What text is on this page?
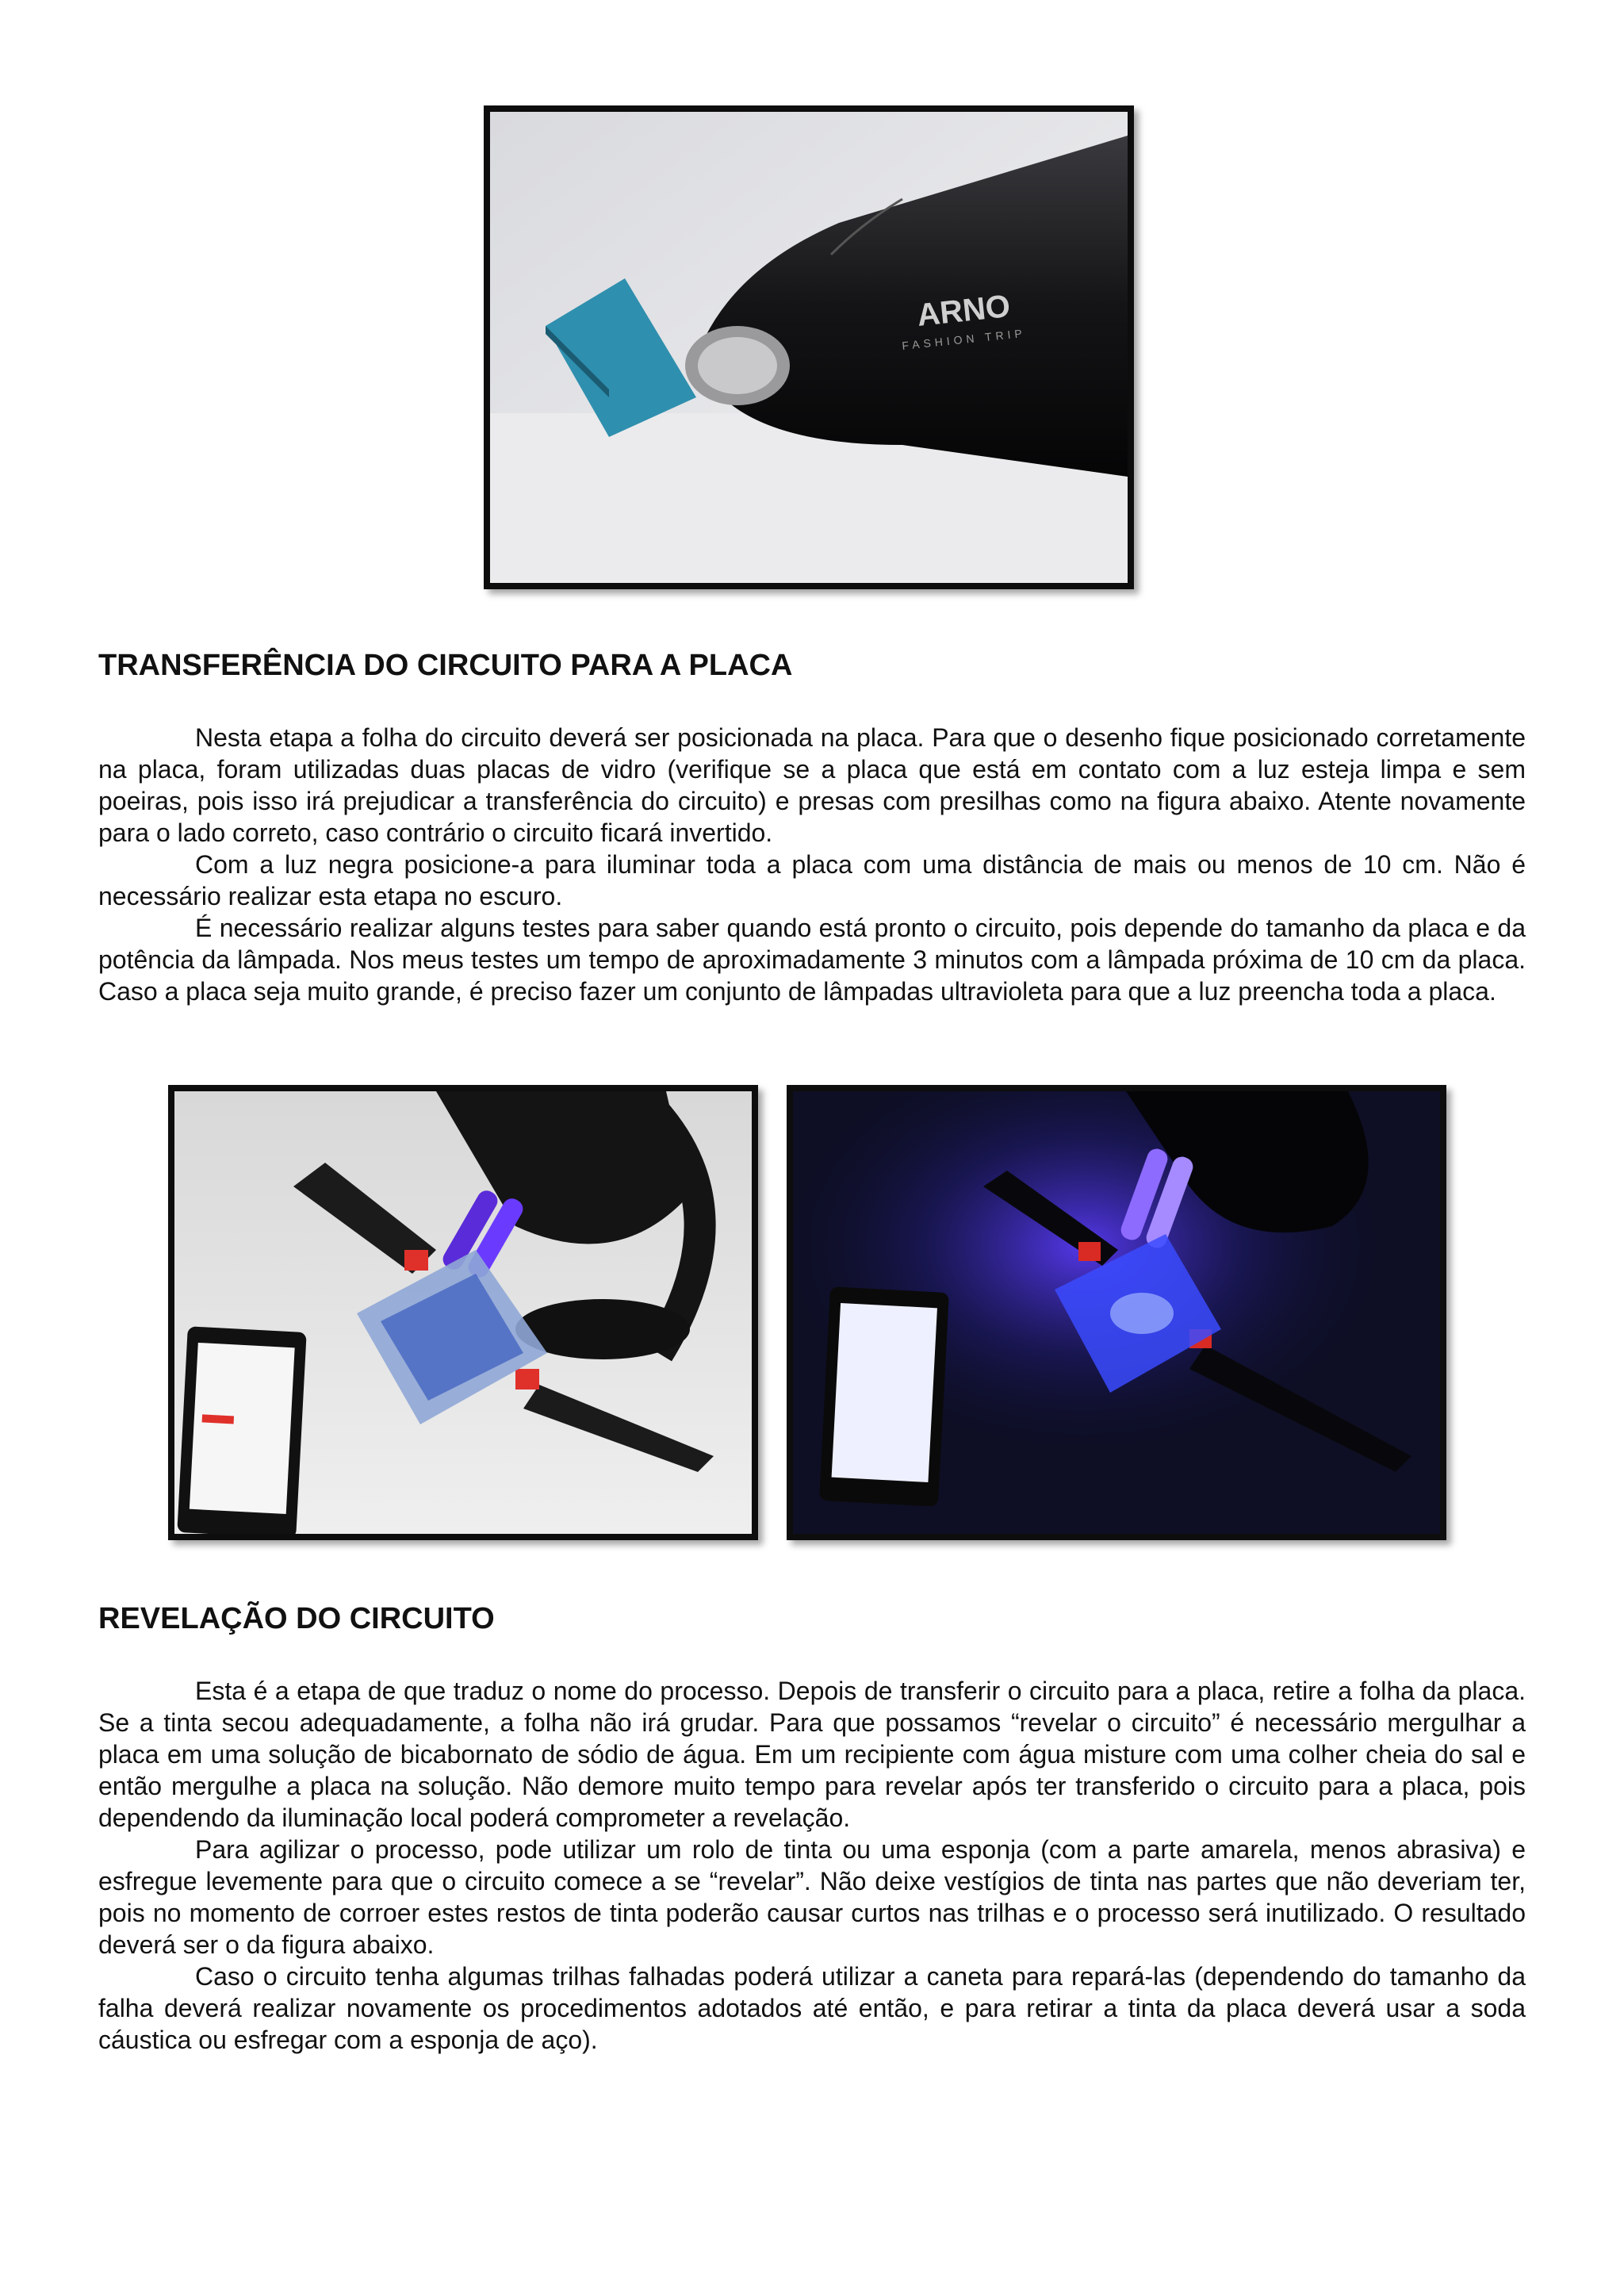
ARNO
FASHION TRIP
TRANSFERÊNCIA DO CIRCUITO PARA A PLACA

Nesta etapa a folha do circuito deverá ser posicionada na placa. Para que o desenho fique posicionado corretamente na placa, foram utilizadas duas placas de vidro (verifique se a placa que está em contato com a luz esteja limpa e sem poeiras, pois isso irá prejudicar a transferência do circuito) e presas com presilhas como na figura abaixo. Atente novamente para o lado correto, caso contrário o circuito ficará invertido.

Com a luz negra posicione-a para iluminar toda a placa com uma distância de mais ou menos de 10 cm. Não é necessário realizar esta etapa no escuro.

É necessário realizar alguns testes para saber quando está pronto o circuito, pois depende do tamanho da placa e da potência da lâmpada. Nos meus testes um tempo de aproximadamente 3 minutos com a lâmpada próxima de 10 cm da placa. Caso a placa seja muito grande, é preciso fazer um conjunto de lâmpadas ultravioleta para que a luz preencha toda a placa.

REVELAÇÃO DO CIRCUITO

Esta é a etapa de que traduz o nome do processo. Depois de transferir o circuito para a placa, retire a folha da placa. Se a tinta secou adequadamente, a folha não irá grudar. Para que possamos “revelar o circuito” é necessário mergulhar a placa em uma solução de bicabornato de sódio de água. Em um recipiente com água misture com uma colher cheia do sal e então mergulhe a placa na solução. Não demore muito tempo para revelar após ter transferido o circuito para a placa, pois dependendo da iluminação local poderá comprometer a revelação.

Para agilizar o processo, pode utilizar um rolo de tinta ou uma esponja (com a parte amarela, menos abrasiva) e esfregue levemente para que o circuito comece a se “revelar”. Não deixe vestígios de tinta nas partes que não deveriam ter, pois no momento de corroer estes restos de tinta poderão causar curtos nas trilhas e o processo será inutilizado. O resultado deverá ser o da figura abaixo.

Caso o circuito tenha algumas trilhas falhadas poderá utilizar a caneta para repará-las (dependendo do tamanho da falha deverá realizar novamente os procedimentos adotados até então, e para retirar a tinta da placa deverá usar a soda cáustica ou esfregar com a esponja de aço).
